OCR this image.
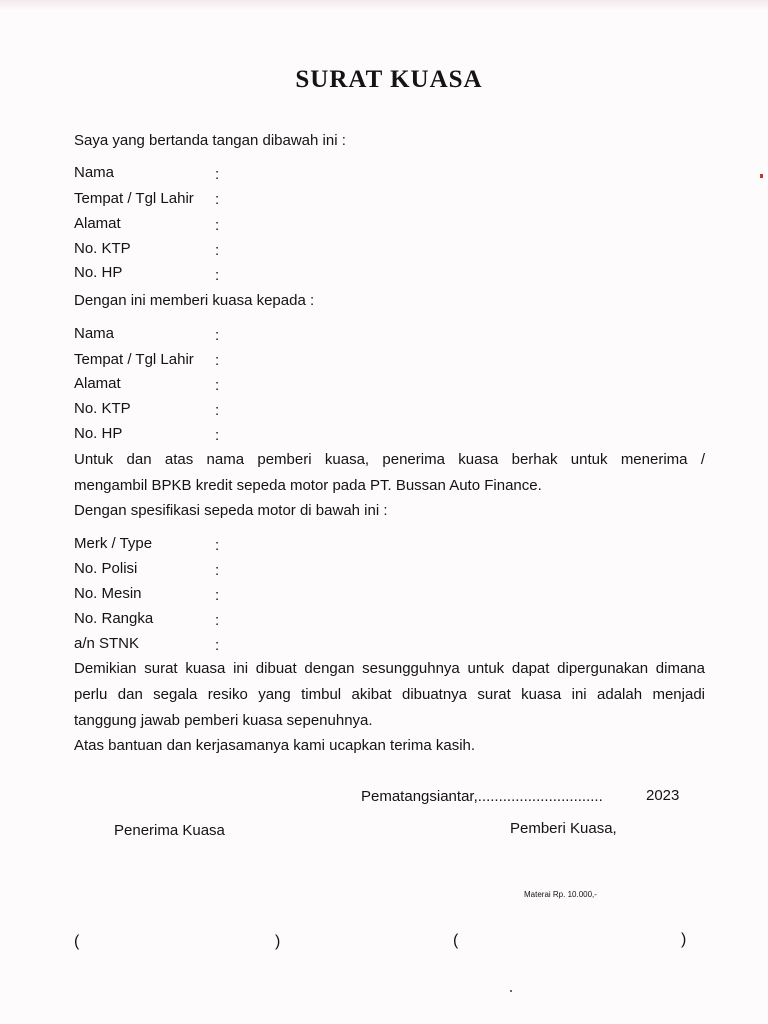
SURAT KUASA
Saya yang bertanda tangan dibawah ini :
Nama	:
Tempat / Tgl Lahir :
Alamat	:
No. KTP	:
No. HP	:
Dengan ini memberi kuasa kepada :
Nama	:
Tempat / Tgl Lahir :
Alamat	:
No. KTP	:
No. HP	:
Untuk dan atas nama pemberi kuasa, penerima kuasa berhak untuk menerima /
mengambil BPKB kredit sepeda motor pada PT. Bussan Auto Finance.
Dengan spesifikasi sepeda motor di bawah ini :
Merk / Type	:
No. Polisi	:
No. Mesin	:
No. Rangka	:
a/n STNK	:
Demikian surat kuasa ini dibuat dengan sesungguhnya untuk dapat dipergunakan dimana
perlu dan segala resiko yang timbul akibat dibuatnya surat kuasa ini adalah menjadi
tanggung jawab pemberi kuasa sepenuhnya.
Atas bantuan dan kerjasamanya kami ucapkan terima kasih.
Pematangsiantar,..............................	2023
Penerima Kuasa	Pemberi Kuasa,
Materai Rp. 10.000,-
(	)	(	)
